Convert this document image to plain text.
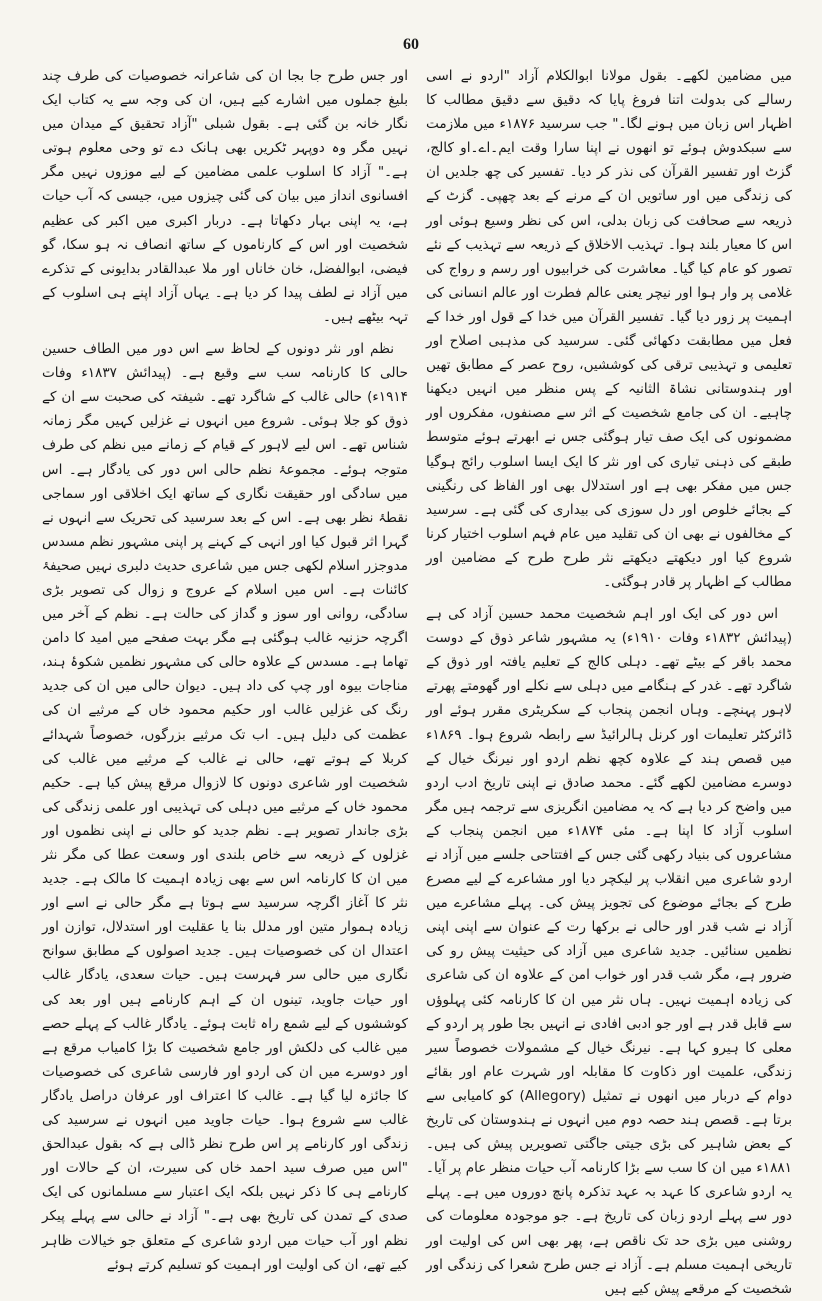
60

میں مضامین لکھے۔ بقول مولانا ابوالکلام آزاد "اردو نے اسی رسالے کی بدولت اتنا فروغ پایا کہ دقیق سے دقیق مطالب کا اظہار اس زبان میں ہونے لگا۔" جب سرسید ۱۸۷۶ء میں ملازمت سے سبکدوش ہوئے تو انھوں نے اپنا سارا وقت ایم۔اے۔او کالج، گزٹ اور تفسیر القرآن کی نذر کر دیا۔ تفسیر کی چھ جلدیں ان کی زندگی میں اور ساتویں ان کے مرنے کے بعد چھپی۔ گزٹ کے ذریعہ سے صحافت کی زبان بدلی، اس کی نظر وسیع ہوئی اور اس کا معیار بلند ہوا۔ تہذیب الاخلاق کے ذریعہ سے تہذیب کے نئے تصور کو عام کیا گیا۔ معاشرت کی خرابیوں اور رسم و رواج کی غلامی پر وار ہوا اور نیچر یعنی عالم فطرت اور عالم انسانی کی اہمیت پر زور دیا گیا۔ تفسیر القرآن میں خدا کے قول اور خدا کے فعل میں مطابقت دکھائی گئی۔ سرسید کی مذہبی اصلاح اور تعلیمی و تہذیبی ترقی کی کوششیں، روح عصر کے مطابق تھیں اور ہندوستانی نشاۃ الثانیہ کے پس منظر میں انہیں دیکھنا چاہیے۔ ان کی جامع شخصیت کے اثر سے مصنفوں، مفکروں اور مضمونوں کی ایک صف تیار ہوگئی جس نے ابھرتے ہوئے متوسط طبقے کی ذہنی تیاری کی اور نثر کا ایک ایسا اسلوب رائج ہوگیا جس میں مفکر بھی ہے اور استدلال بھی اور الفاظ کی رنگینی کے بجائے خلوص اور دل سوزی کی بیداری کی گئی ہے۔ سرسید کے مخالفوں نے بھی ان کی تقلید میں عام فہم اسلوب اختیار کرنا شروع کیا اور دیکھتے دیکھتے نثر طرح طرح کے مضامین اور مطالب کے اظہار پر قادر ہوگئی۔

اس دور کی ایک اور اہم شخصیت محمد حسین آزاد کی ہے (پیدائش ۱۸۳۲ء وفات ۱۹۱۰ء) یہ مشہور شاعر ذوق کے دوست محمد باقر کے بیٹے تھے۔ دہلی کالج کے تعلیم یافتہ اور ذوق کے شاگرد تھے۔ غدر کے ہنگامے میں دہلی سے نکلے اور گھومتے پھرتے لاہور پہنچے۔ وہاں انجمن پنجاب کے سکریٹری مقرر ہوئے اور ڈائرکٹر تعلیمات اور کرنل ہالرائیڈ سے رابطہ شروع ہوا۔ ۱۸۶۹ء میں قصص ہند کے علاوہ کچھ نظم اردو اور نیرنگ خیال کے دوسرے مضامین لکھے گئے۔ محمد صادق نے اپنی تاریخ ادب اردو میں واضح کر دیا ہے کہ یہ مضامین انگریزی سے ترجمہ ہیں مگر اسلوب آزاد کا اپنا ہے۔ مئی ۱۸۷۴ء میں انجمن پنجاب کے مشاعروں کی بنیاد رکھی گئی جس کے افتتاحی جلسے میں آزاد نے اردو شاعری میں انقلاب پر لیکچر دیا اور مشاعرے کے لیے مصرع طرح کے بجائے موضوع کی تجویز پیش کی۔ پہلے مشاعرے میں آزاد نے شب قدر اور حالی نے برکھا رت کے عنوان سے اپنی اپنی نظمیں سنائیں۔ جدید شاعری میں آزاد کی حیثیت پیش رو کی ضرور ہے، مگر شب قدر اور خواب امن کے علاوہ ان کی شاعری کی زیادہ اہمیت نہیں۔ ہاں نثر میں ان کا کارنامہ کئی پہلوؤں سے قابل قدر ہے اور جو ادبی افادی نے انہیں بجا طور پر اردو کے معلی کا ہیرو کہا ہے۔ نیرنگ خیال کے مشمولات خصوصاً سیر زندگی، علمیت اور ذکاوت کا مقابلہ اور شہرت عام اور بقائے دوام کے دربار میں انھوں نے تمثیل (Allegory) کو کامیابی سے برتا ہے۔ قصص ہند حصہ دوم میں انہوں نے ہندوستان کی تاریخ کے بعض شاہیر کی بڑی جیتی جاگتی تصویریں پیش کی ہیں۔ ۱۸۸۱ء میں ان کا سب سے بڑا کارنامہ آب حیات منظر عام پر آیا۔ یہ اردو شاعری کا عہد بہ عہد تذکرہ پانچ دوروں میں ہے۔ پہلے دور سے پہلے اردو زبان کی تاریخ ہے۔ جو موجودہ معلومات کی روشنی میں بڑی حد تک ناقص ہے، پھر بھی اس کی اولیت اور تاریخی اہمیت مسلم ہے۔ آزاد نے جس طرح شعرا کی زندگی اور شخصیت کے مرقعے پیش کیے ہیں

اور جس طرح جا بجا ان کی شاعرانہ خصوصیات کی طرف چند بلیغ جملوں میں اشارے کیے ہیں، ان کی وجہ سے یہ کتاب ایک نگار خانہ بن گئی ہے۔ بقول شبلی "آزاد تحقیق کے میدان میں نہیں مگر وہ دوپہر ٹکریں بھی ہانک دے تو وحی معلوم ہوتی ہے۔" آزاد کا اسلوب علمی مضامین کے لیے موزوں نہیں مگر افسانوی انداز میں بیان کی گئی چیزوں میں، جیسی کہ آب حیات ہے، یہ اپنی بہار دکھاتا ہے۔ دربار اکبری میں اکبر کی عظیم شخصیت اور اس کے کارناموں کے ساتھ انصاف نہ ہو سکا، گو فیضی، ابوالفضل، خان خاناں اور ملا عبدالقادر بدایونی کے تذکرے میں آزاد نے لطف پیدا کر دیا ہے۔ یہاں آزاد اپنے ہی اسلوب کے تہہ بیٹھے ہیں۔

نظم اور نثر دونوں کے لحاظ سے اس دور میں الطاف حسین حالی کا کارنامہ سب سے وقیع ہے۔ (پیدائش ۱۸۳۷ء وفات ۱۹۱۴ء) حالی غالب کے شاگرد تھے۔ شیفتہ کی صحبت سے ان کے ذوق کو جلا ہوئی۔ شروع میں انہوں نے غزلیں کہیں مگر زمانہ شناس تھے۔ اس لیے لاہور کے قیام کے زمانے میں نظم کی طرف متوجہ ہوئے۔ مجموعۂ نظم حالی اس دور کی یادگار ہے۔ اس میں سادگی اور حقیقت نگاری کے ساتھ ایک اخلاقی اور سماجی نقطۂ نظر بھی ہے۔ اس کے بعد سرسید کی تحریک سے انہوں نے گہرا اثر قبول کیا اور انہی کے کہنے پر اپنی مشہور نظم مسدس مدوجزر اسلام لکھی جس میں شاعری حدیث دلبری نہیں صحیفۂ کائنات ہے۔ اس میں اسلام کے عروج و زوال کی تصویر بڑی سادگی، روانی اور سوز و گداز کی حالت ہے۔ نظم کے آخر میں اگرچہ حزنیہ غالب ہوگئی ہے مگر بہت صفحے میں امید کا دامن تھاما ہے۔ مسدس کے علاوہ حالی کی مشہور نظمیں شکوۂ ہند، مناجات بیوہ اور چپ کی داد ہیں۔ دیوان حالی میں ان کی جدید رنگ کی غزلیں غالب اور حکیم محمود خاں کے مرثیے ان کی عظمت کی دلیل ہیں۔ اب تک مرثیے بزرگوں، خصوصاً شہدائے کربلا کے ہوتے تھے، حالی نے غالب کے مرثیے میں غالب کی شخصیت اور شاعری دونوں کا لازوال مرقع پیش کیا ہے۔ حکیم محمود خاں کے مرثیے میں دہلی کی تہذیبی اور علمی زندگی کی بڑی جاندار تصویر ہے۔ نظم جدید کو حالی نے اپنی نظموں اور غزلوں کے ذریعہ سے خاص بلندی اور وسعت عطا کی مگر نثر میں ان کا کارنامہ اس سے بھی زیادہ اہمیت کا مالک ہے۔ جدید نثر کا آغاز اگرچہ سرسید سے ہوتا ہے مگر حالی نے اسے اور زیادہ ہموار متین اور مدلل بنا یا عقلیت اور استدلال، توازن اور اعتدال ان کی خصوصیات ہیں۔ جدید اصولوں کے مطابق سوانح نگاری میں حالی سر فہرست ہیں۔ حیات سعدی، یادگار غالب اور حیات جاوید، تینوں ان کے اہم کارنامے ہیں اور بعد کی کوششوں کے لیے شمع راہ ثابت ہوئے۔ یادگار غالب کے پہلے حصے میں غالب کی دلکش اور جامع شخصیت کا بڑا کامیاب مرقع ہے اور دوسرے میں ان کی اردو اور فارسی شاعری کی خصوصیات کا جائزہ لیا گیا ہے۔ غالب کا اعتراف اور عرفان دراصل یادگار غالب سے شروع ہوا۔ حیات جاوید میں انہوں نے سرسید کی زندگی اور کارنامے پر اس طرح نظر ڈالی ہے کہ بقول عبدالحق "اس میں صرف سید احمد خاں کی سیرت، ان کے حالات اور کارنامے ہی کا ذکر نہیں بلکہ ایک اعتبار سے مسلمانوں کی ایک صدی کے تمدن کی تاریخ بھی ہے۔" آزاد نے حالی سے پہلے پیکر نظم اور آب حیات میں اردو شاعری کے متعلق جو خیالات ظاہر کیے تھے، ان کی اولیت اور اہمیت کو تسلیم کرتے ہوئے
